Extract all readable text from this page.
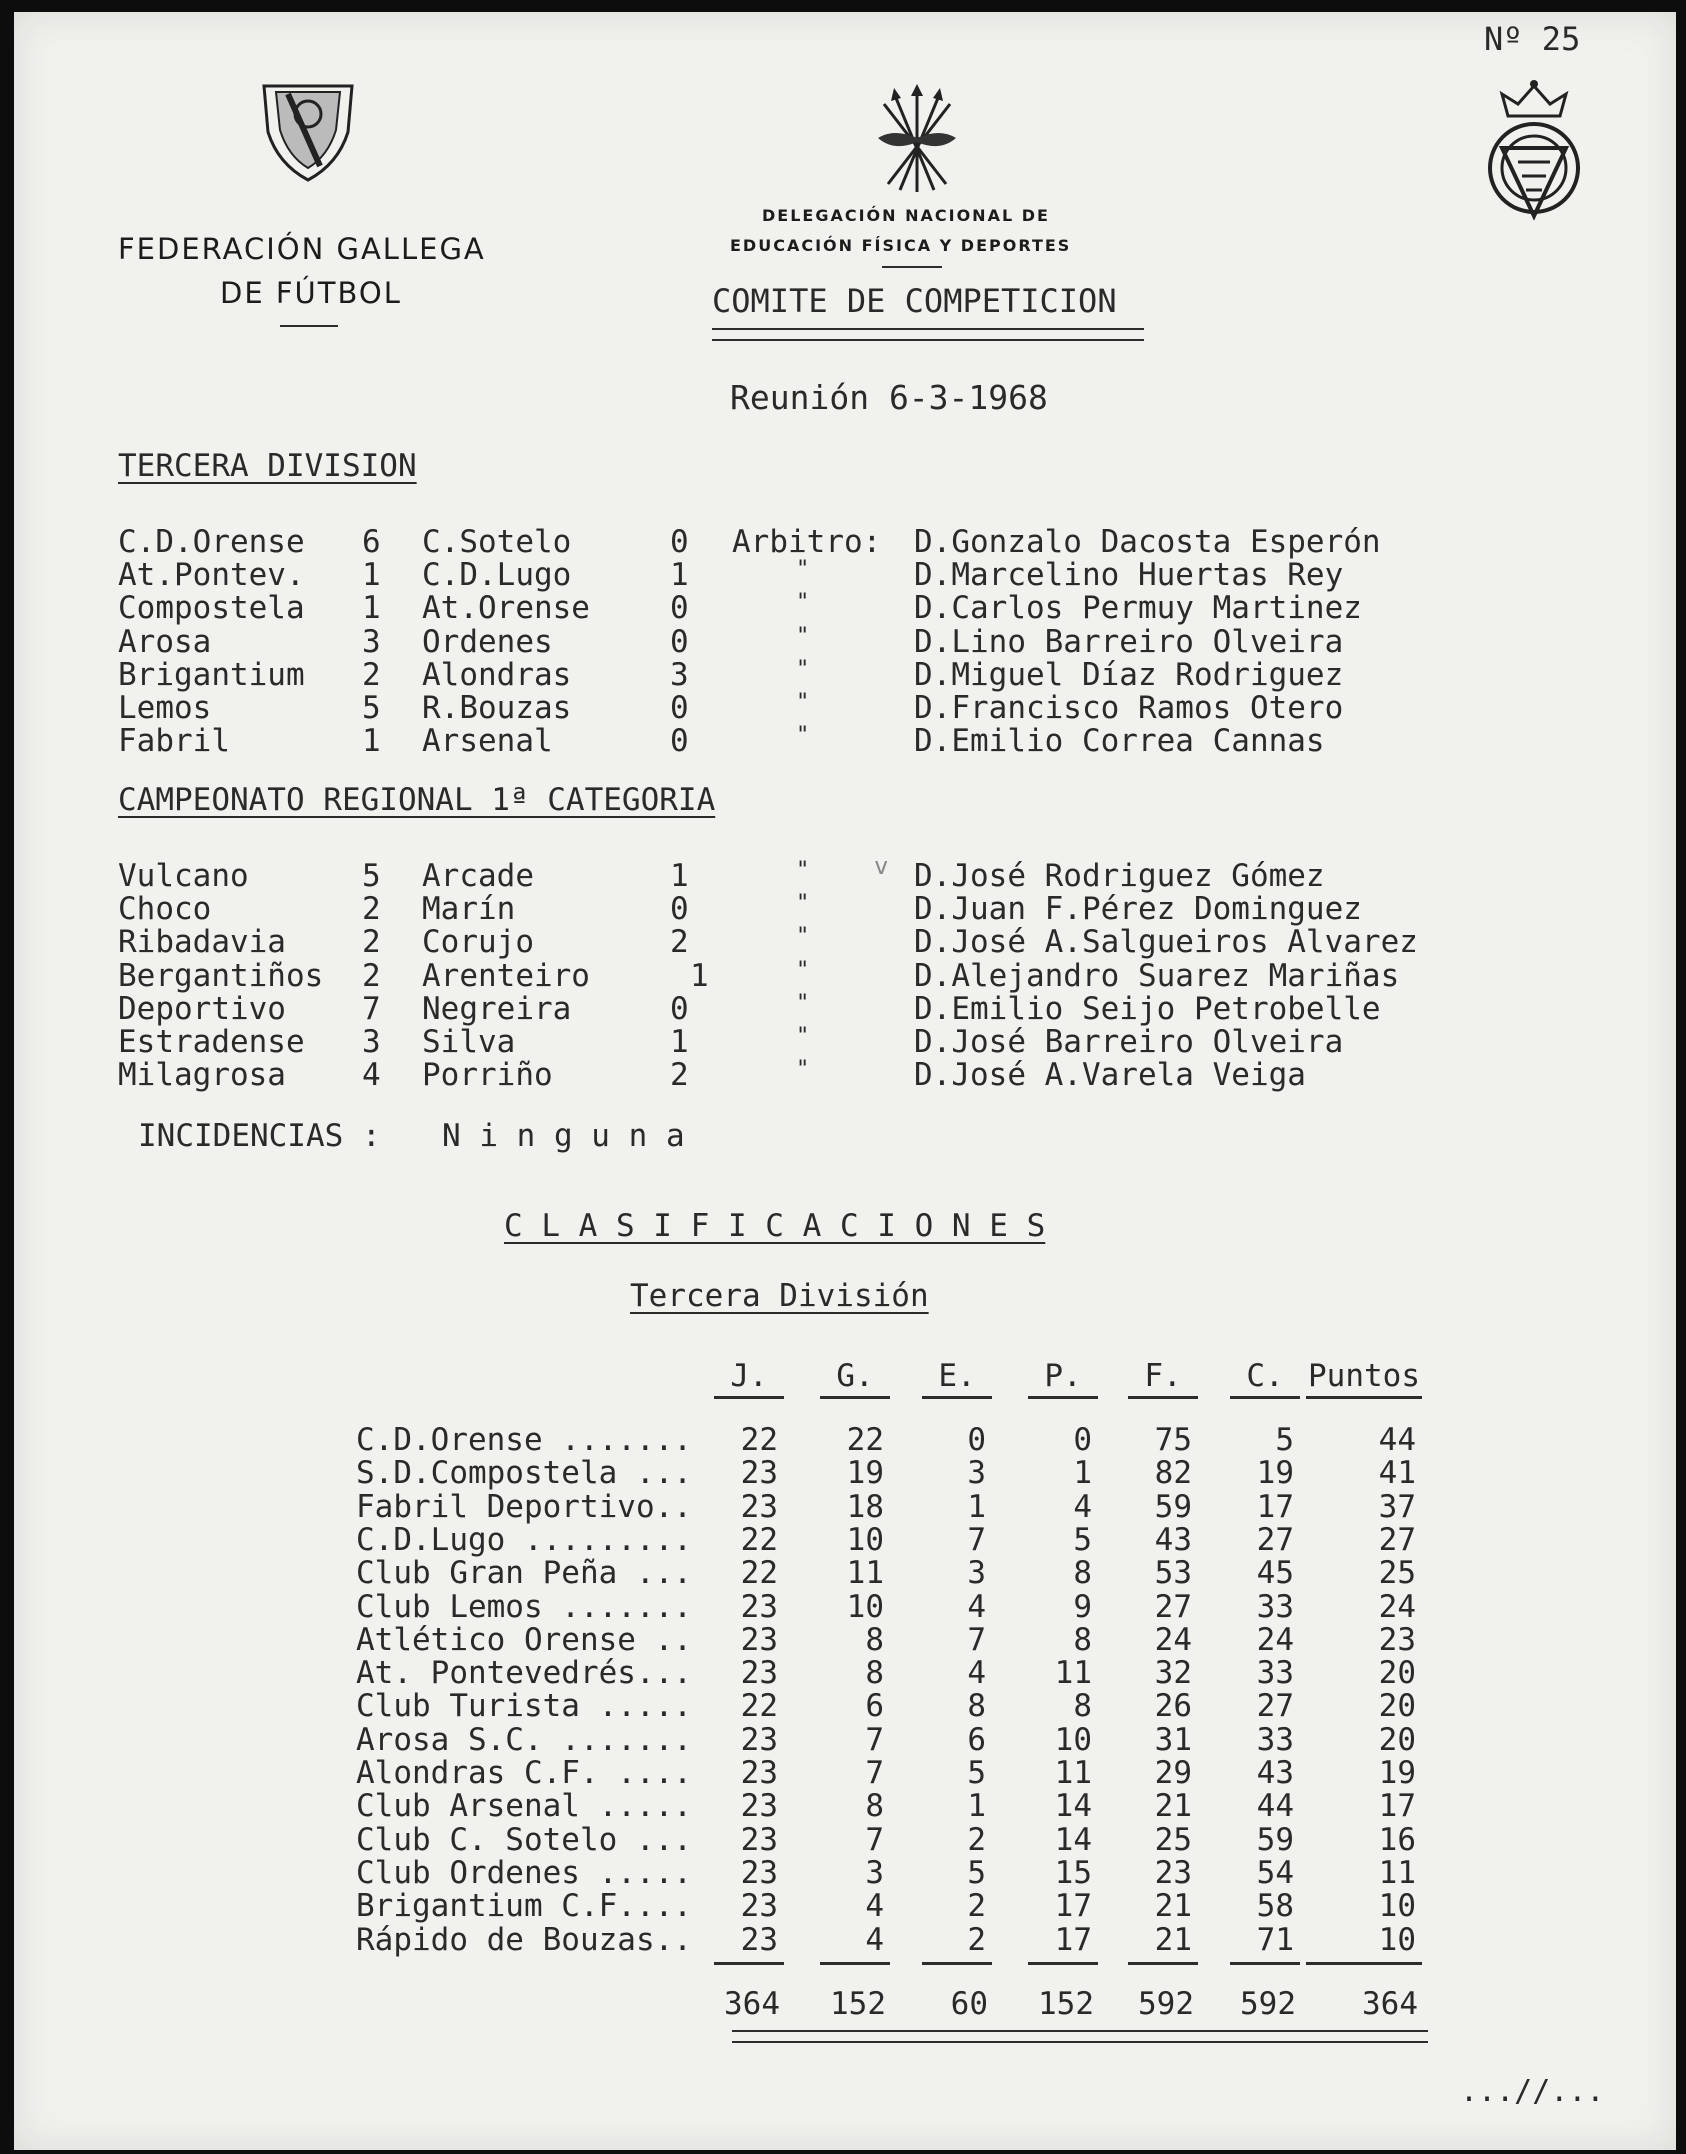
Nº 25
FEDERACIÓN GALLEGA
DE FÚTBOL
DELEGACIÓN NACIONAL DE
EDUCACIÓN FÍSICA Y DEPORTES
COMITE DE COMPETICION
Reunión 6-3-1968
TERCERA DIVISION
C.D.Orense 6 C.Sotelo	0 Arbitro: D.Gonzalo Dacosta Esperón
At.Pontev. 1 C.D.Lugo	1	"	D.Marcelino Huertas Rey
Compostela 1 At.Orense	0	"	D.Carlos Permuy Martinez
Arosa	3 Ordenes	0	"	D.Lino Barreiro Olveira
Brigantium 2 Alondras	3	"	D.Miguel Díaz Rodriguez
Lemos	5 R.Bouzas	0	"	D.Francisco Ramos Otero
Fabril	1 Arsenal	0	"	D.Emilio Correa Cannas
CAMPEONATO REGIONAL 1ª CATEGORIA
v
Vulcano	5 Arcade	1	"	D.José Rodriguez Gómez
Choco	2 Marín	0	"	D.Juan F.Pérez Dominguez
Ribadavia 2 Corujo	2	"	D.José A.Salgueiros Alvarez
Bergantiños 2 Arenteiro	1	"	D.Alejandro Suarez Mariñas
Deportivo 7 Negreira	0	"	D.Emilio Seijo Petrobelle
Estradense 3 Silva	1	"	D.José Barreiro Olveira
Milagrosa 4 Porriño	2	"	D.José A.Varela Veiga
INCIDENCIAS : N i n g u n a
C L A S I F I C A C I O N E S
Tercera División
J.	G.	E.	P.	F.	C. Puntos
C.D.Orense .......	22	22	0	0	75	5	44
S.D.Compostela ...	23	19	3	1	82	19	41
Fabril Deportivo..	23	18	1	4	59	17	37
C.D.Lugo .........	22	10	7	5	43	27	27
Club Gran Peña ...	22	11	3	8	53	45	25
Club Lemos .......	23	10	4	9	27	33	24
Atlético Orense ..	23	8	7	8	24	24	23
At. Pontevedrés...	23	8	4	11	32	33	20
Club Turista .....	22	6	8	8	26	27	20
Arosa S.C. .......	23	7	6	10	31	33	20
Alondras C.F. ....	23	7	5	11	29	43	19
Club Arsenal .....	23	8	1	14	21	44	17
Club C. Sotelo ...	23	7	2	14	25	59	16
Club Ordenes .....	23	3	5	15	23	54	11
Brigantium C.F....	23	4	2	17	21	58	10
Rápido de Bouzas..	23	4	2	17	21	71	10
364	152	60	152	592	592	364
...//...
